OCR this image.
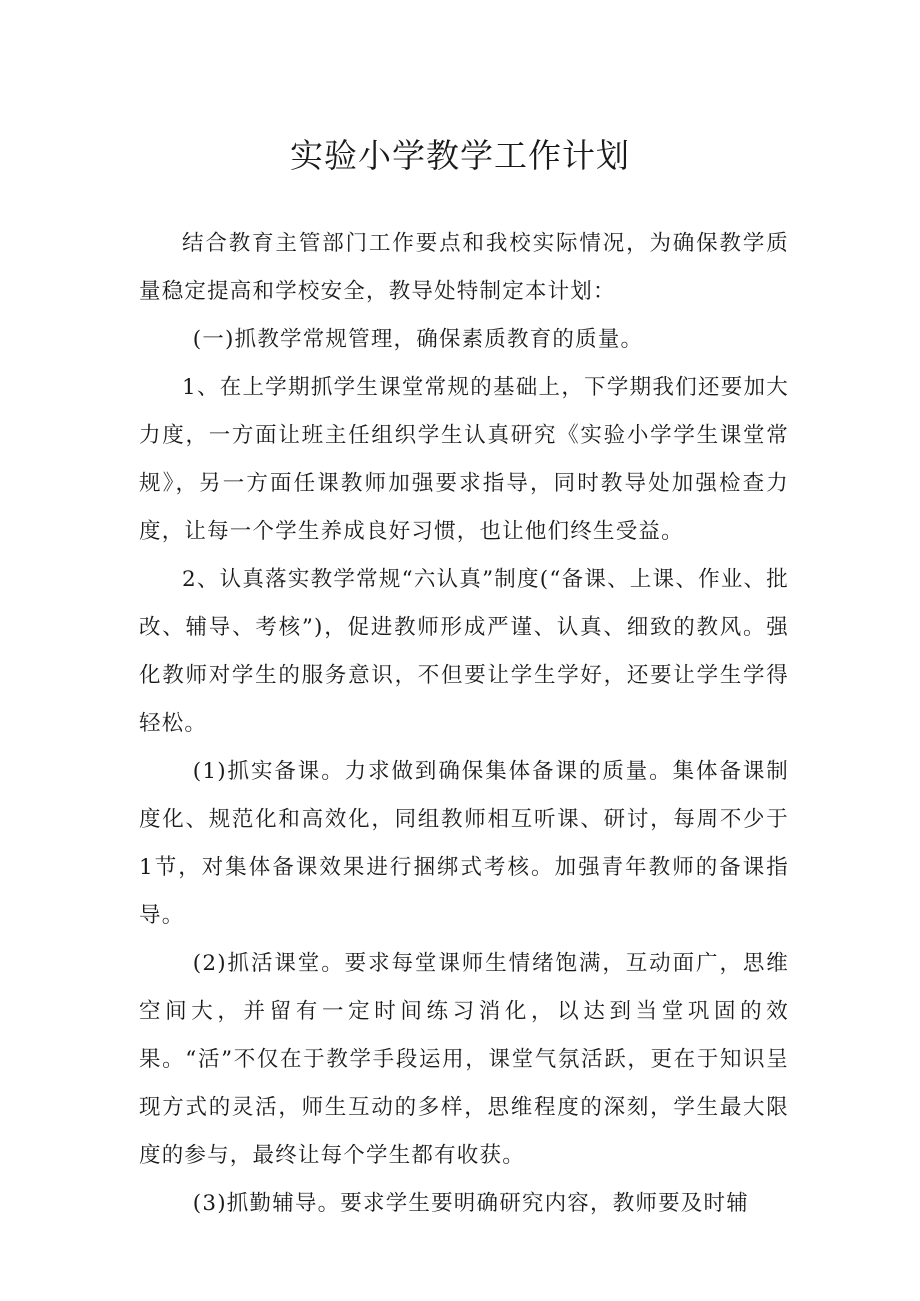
实验小学教学工作计划

结合教育主管部门工作要点和我校实际情况，为确保教学质量稳定提高和学校安全，教导处特制定本计划：

(一)抓教学常规管理，确保素质教育的质量。

1、在上学期抓学生课堂常规的基础上，下学期我们还要加大力度，一方面让班主任组织学生认真研究《实验小学学生课堂常规》，另一方面任课教师加强要求指导，同时教导处加强检查力度，让每一个学生养成良好习惯，也让他们终生受益。

2、认真落实教学常规“六认真”制度(“备课、上课、作业、批改、辅导、考核”)，促进教师形成严谨、认真、细致的教风。强化教师对学生的服务意识，不但要让学生学好，还要让学生学得轻松。

(1)抓实备课。力求做到确保集体备课的质量。集体备课制度化、规范化和高效化，同组教师相互听课、研讨，每周不少于1节，对集体备课效果进行捆绑式考核。加强青年教师的备课指导。

(2)抓活课堂。要求每堂课师生情绪饱满，互动面广，思维空间大，并留有一定时间练习消化，以达到当堂巩固的效果。“活”不仅在于教学手段运用，课堂气氛活跃，更在于知识呈现方式的灵活，师生互动的多样，思维程度的深刻，学生最大限度的参与，最终让每个学生都有收获。

(3)抓勤辅导。要求学生要明确研究内容，教师要及时辅
